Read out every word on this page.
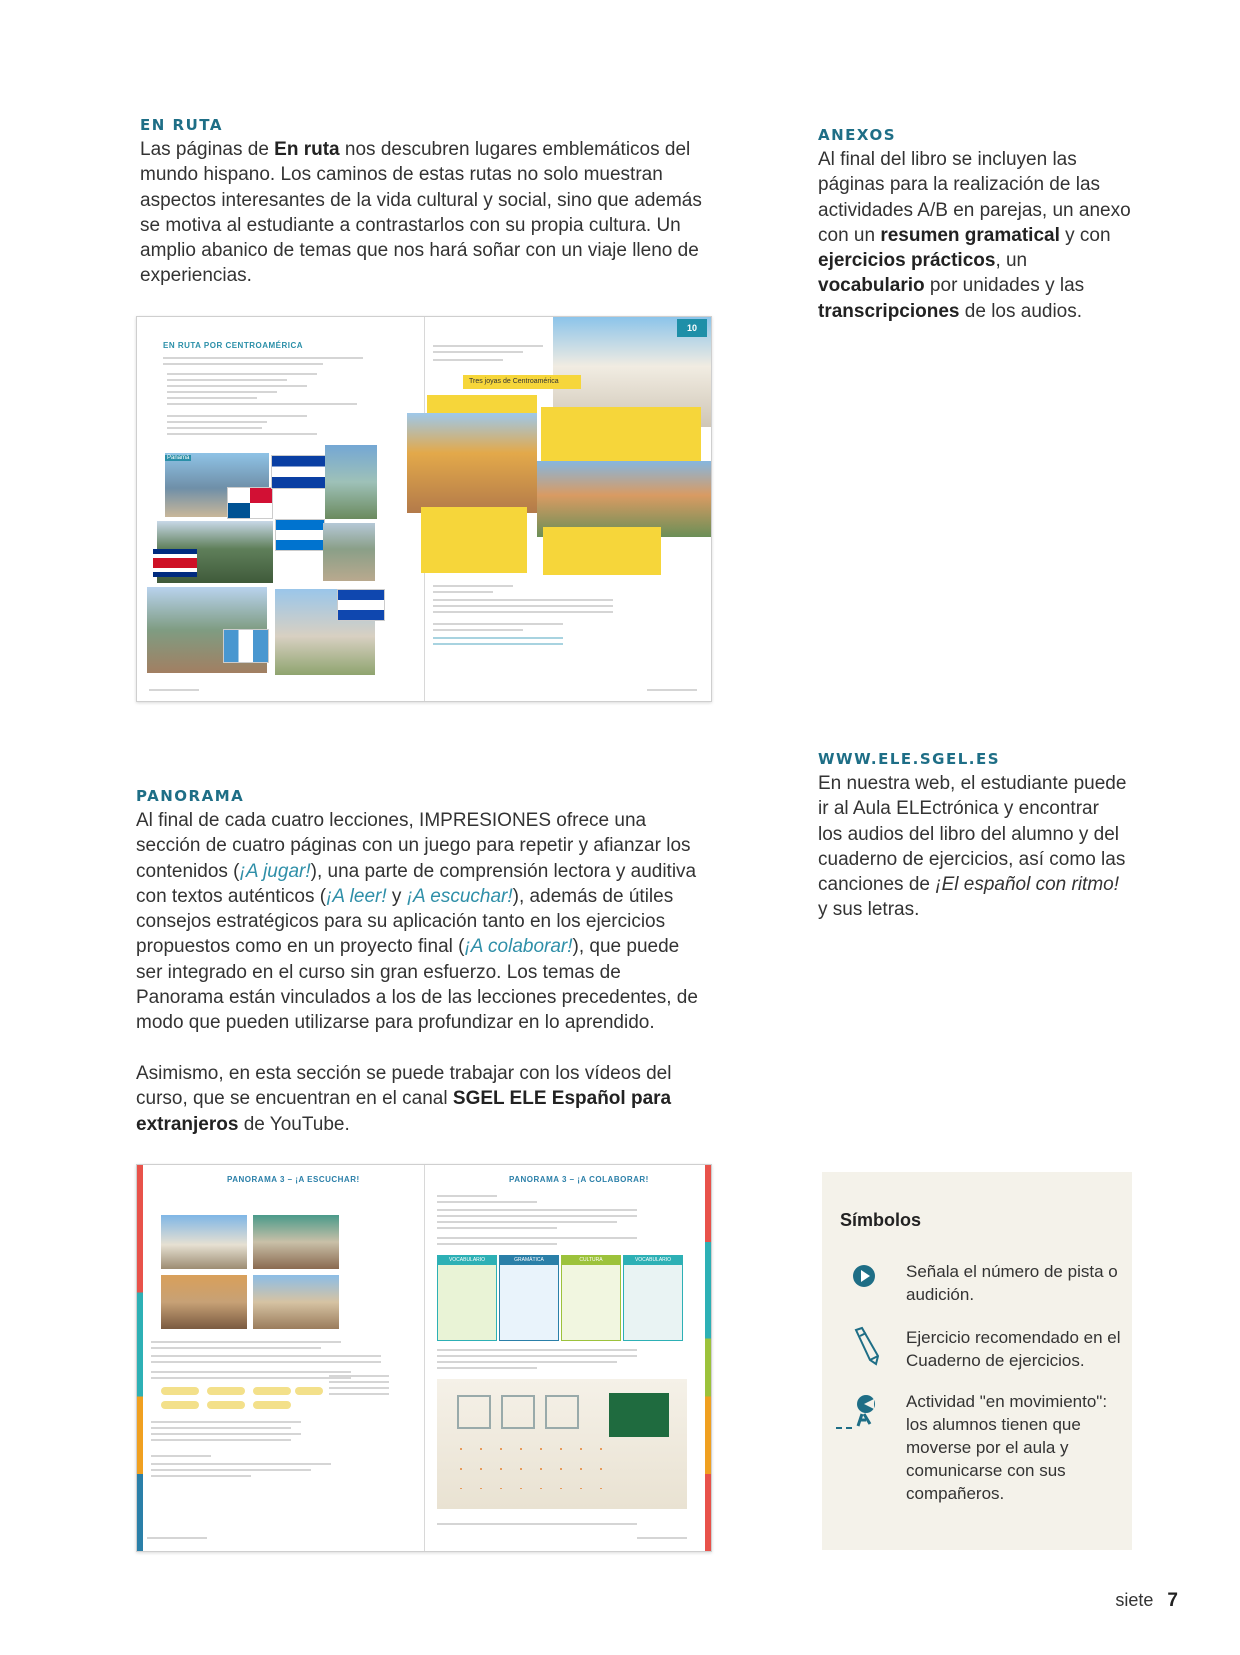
EN RUTA
Las páginas de En ruta nos descubren lugares emblemáticos del mundo hispano. Los caminos de estas rutas no solo muestran aspectos interesantes de la vida cultural y social, sino que además se motiva al estudiante a contrastarlos con su propia cultura. Un amplio abanico de temas que nos hará soñar con un viaje lleno de experiencias.
EN RUTA POR CENTROAMÉRICA
Panamá
10
Tres joyas de Centroamérica
ANEXOS
Al final del libro se incluyen las páginas para la realización de las actividades A/B en parejas, un anexo con un resumen gramatical y con ejercicios prácticos, un vocabulario por unidades y las transcripciones de los audios.
WWW.ELE.SGEL.ES
En nuestra web, el estudiante puede ir al Aula ELEctrónica y encontrar los audios del libro del alumno y del cuaderno de ejercicios, así como las canciones de ¡El español con ritmo! y sus letras.
PANORAMA
Al final de cada cuatro lecciones, IMPRESIONES ofrece una sección de cuatro páginas con un juego para repetir y afianzar los contenidos (¡A jugar!), una parte de comprensión lectora y auditiva con textos auténticos (¡A leer! y ¡A escuchar!), además de útiles consejos estratégicos para su aplicación tanto en los ejercicios propuestos como en un proyecto final (¡A colaborar!), que puede ser integrado en el curso sin gran esfuerzo. Los temas de Panorama están vinculados a los de las lecciones precedentes, de modo que pueden utilizarse para profundizar en lo aprendido.
Asimismo, en esta sección se puede trabajar con los vídeos del curso, que se encuentran en el canal SGEL ELE Español para extranjeros de YouTube.
PANORAMA 3 – ¡A ESCUCHAR!	PANORAMA 3 – ¡A COLABORAR!
VOCABULARIO	GRAMÁTICA	CULTURA	VOCABULARIO
Símbolos
Señala el número de pista o audición.
Ejercicio recomendado en el Cuaderno de ejercicios.
Actividad "en movimiento": los alumnos tienen que moverse por el aula y comunicarse con sus compañeros.
siete 7
